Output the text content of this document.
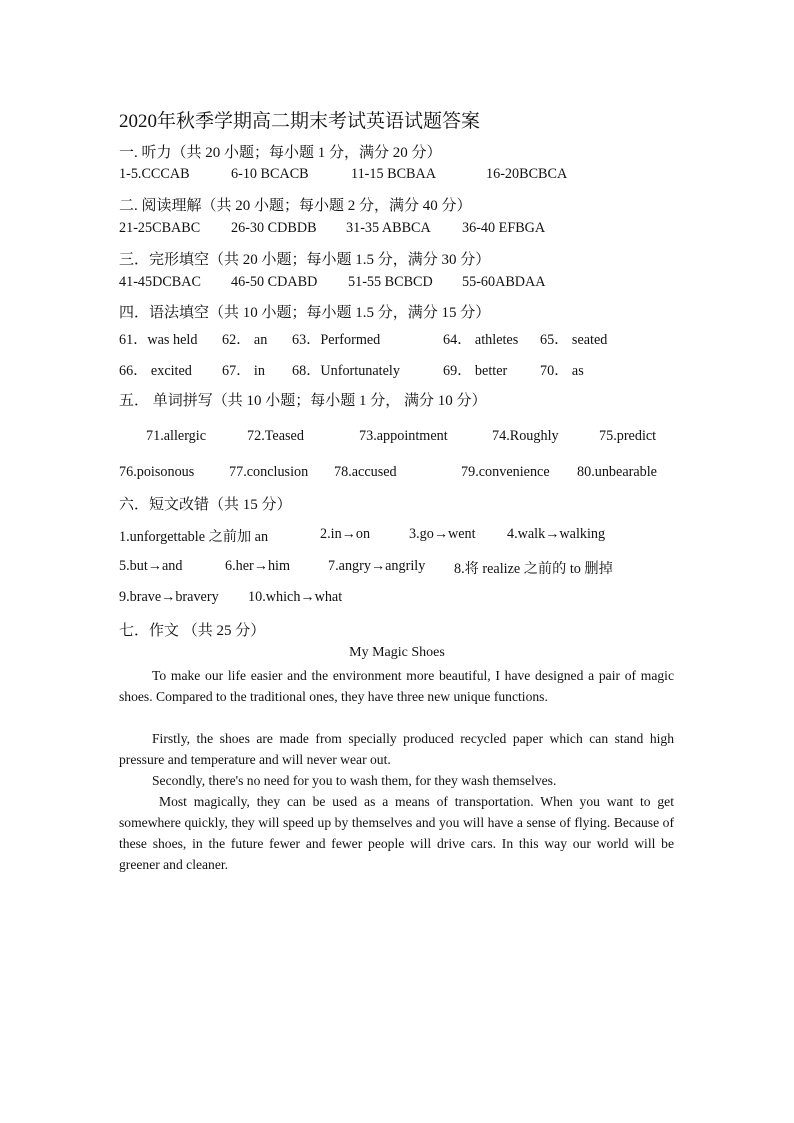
2020年秋季学期高二期末考试英语试题答案
一. 听力（共 20 小题；每小题 1 分，满分 20 分）
1-5.CCCAB	6-10 BCACB	11-15 BCBAA	16-20BCBCA
二. 阅读理解（共 20 小题；每小题 2 分，满分 40 分）
21-25CBABC 26-30 CDBDB 31-35 ABBCA 36-40 EFBGA
三．完形填空（共 20 小题；每小题 1.5 分，满分 30 分）
41-45DCBAC 46-50 CDABD 51-55 BCBCD 55-60ABDAA
四．语法填空（共 10 小题；每小题 1.5 分，满分 15 分）
61．was held 62． an 63．Performed	64． athletes 65． seated
66． excited 67． in 68．Unfortunately	69． better 70． as
五． 单词拼写（共 10 小题；每小题 1 分， 满分 10 分）
71.allergic	72.Teased	73.appointment	74.Roughly	75.predict
76.poisonous 77.conclusion 78.accused	79.convenience 80.unbearable
六．短文改错（共 15 分）
1.unforgettable 之前加 an	2.in→on	3.go→went 4.walk→walking
5.but→and	6.her→him	7.angry→angrily 8.将 realize 之前的 to 删掉
9.brave→bravery 10.which→what
七．作文 （共 25 分）
My Magic Shoes
To make our life easier and the environment more beautiful, I have designed a pair of magic shoes. Compared to the traditional ones, they have three new unique functions.
Firstly, the shoes are made from specially produced recycled paper which can stand high pressure and temperature and will never wear out.
Secondly, there's no need for you to wash them, for they wash themselves.
Most magically, they can be used as a means of transportation. When you want to get somewhere quickly, they will speed up by themselves and you will have a sense of flying. Because of these shoes, in the future fewer and fewer people will drive cars. In this way our world will be greener and cleaner.
